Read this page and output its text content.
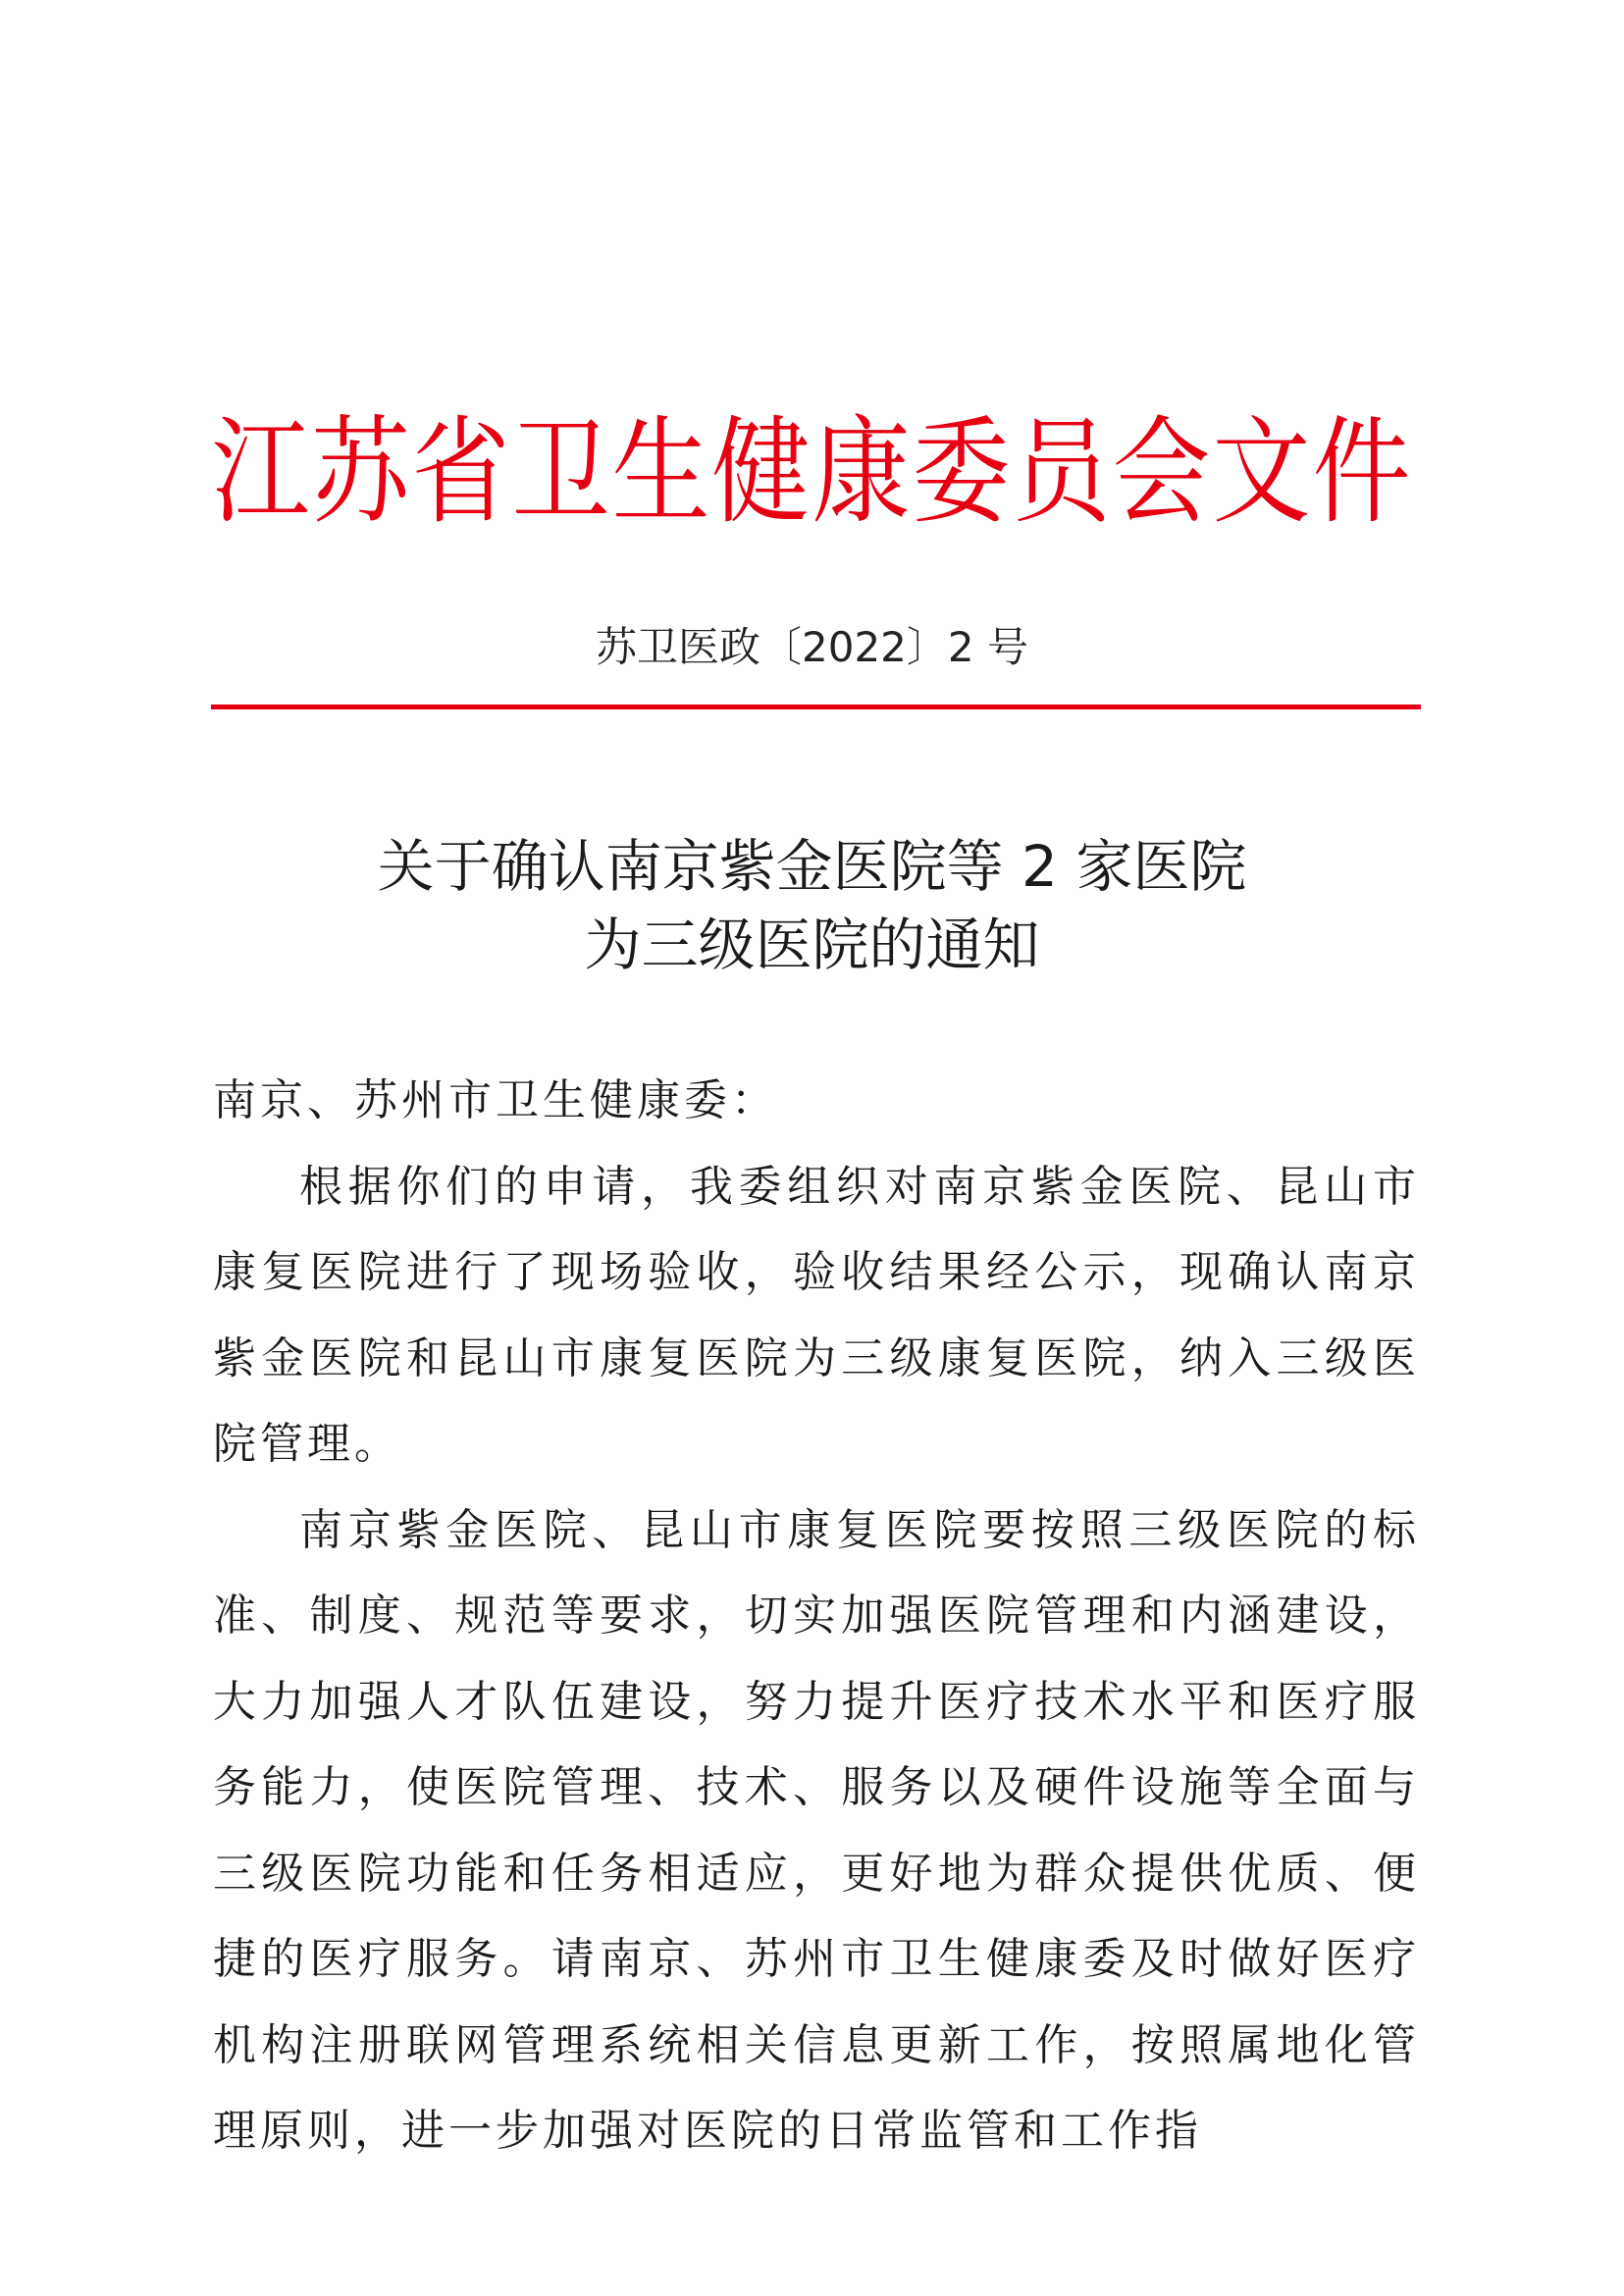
江苏省卫生健康委员会文件
苏卫医政〔2022〕2 号
关于确认南京紫金医院等 2 家医院
为三级医院的通知

南京、苏州市卫生健康委：

根据你们的申请，我委组织对南京紫金医院、昆山市康复医院进行了现场验收，验收结果经公示，现确认南京紫金医院和昆山市康复医院为三级康复医院，纳入三级医院管理。

南京紫金医院、昆山市康复医院要按照三级医院的标准、制度、规范等要求，切实加强医院管理和内涵建设，大力加强人才队伍建设，努力提升医疗技术水平和医疗服务能力，使医院管理、技术、服务以及硬件设施等全面与三级医院功能和任务相适应，更好地为群众提供优质、便捷的医疗服务。请南京、苏州市卫生健康委及时做好医疗机构注册联网管理系统相关信息更新工作，按照属地化管理原则，进一步加强对医院的日常监管和工作指
